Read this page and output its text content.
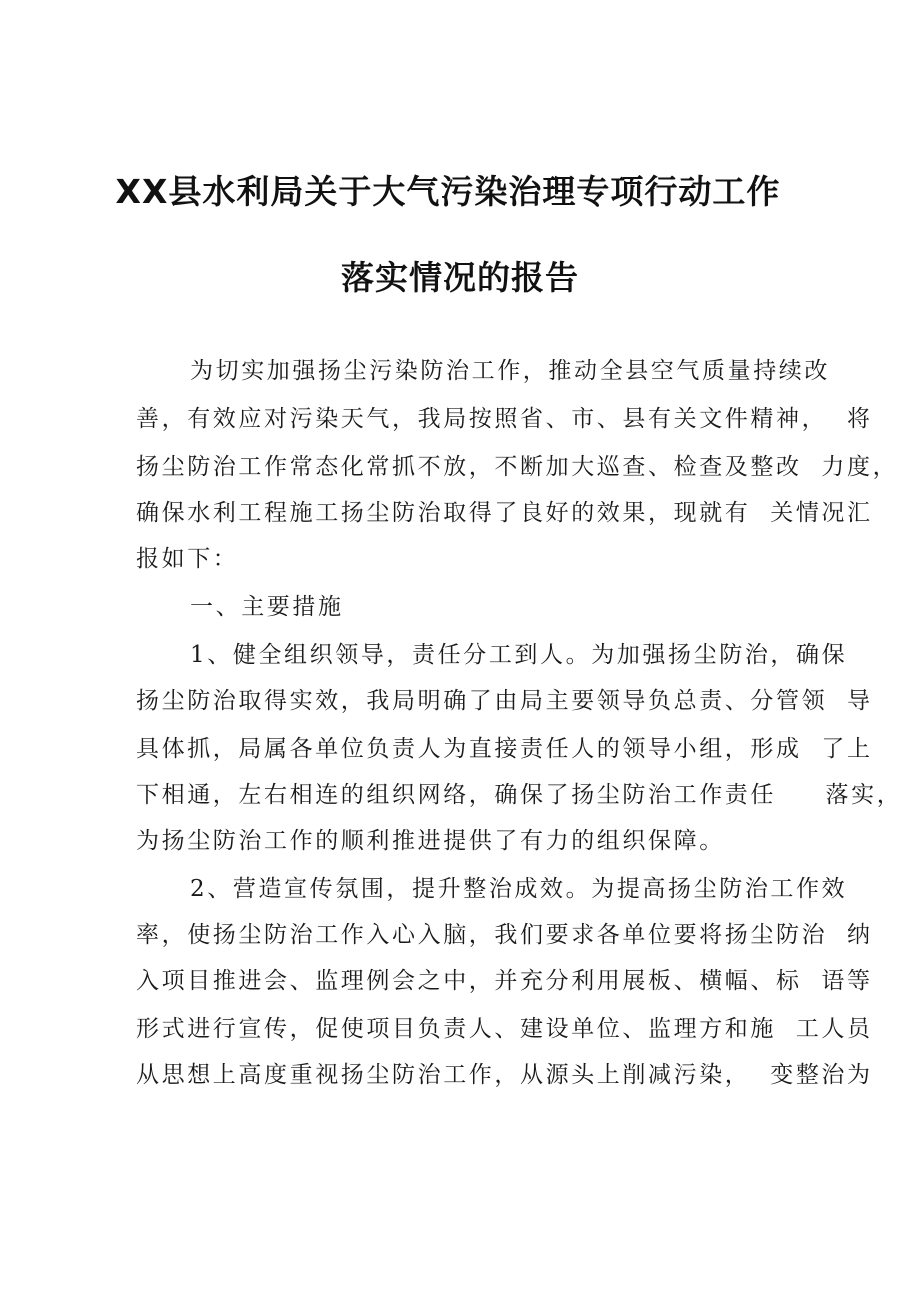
XX县水利局关于大气污染治理专项行动工作
落实情况的报告
为切实加强扬尘污染防治工作，推动全县空气质量持续改
善，有效应对污染天气，我局按照省、市、县有关文件精神，  将
扬尘防治工作常态化常抓不放，不断加大巡查、检查及整改  力度，
确保水利工程施工扬尘防治取得了良好的效果，现就有  关情况汇
报如下：
一、主要措施
1、健全组织领导，责任分工到人。为加强扬尘防治，确保
扬尘防治取得实效，我局明确了由局主要领导负总责、分管领  导
具体抓，局属各单位负责人为直接责任人的领导小组，形成  了上
下相通，左右相连的组织网络，确保了扬尘防治工作责任     落实，
为扬尘防治工作的顺利推进提供了有力的组织保障。
2、营造宣传氛围，提升整治成效。为提高扬尘防治工作效
率，使扬尘防治工作入心入脑，我们要求各单位要将扬尘防治  纳
入项目推进会、监理例会之中，并充分利用展板、横幅、标  语等
形式进行宣传，促使项目负责人、建设单位、监理方和施  工人员
从思想上高度重视扬尘防治工作，从源头上削减污染，  变整治为
